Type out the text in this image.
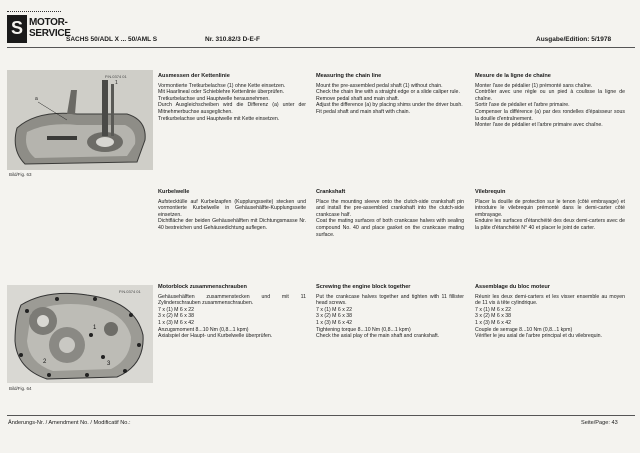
S MOTOR-
SERVICE
SACHS 50/ADL X ... 50/AML S	Nr. 310.82/3 D-E-F	Ausgabe/Edition: 5/1978
1
a
P.N.0374 01
Bild/Fig. 63
1
2	3
P.N.0374 01
Bild/Fig. 64
Ausmessen der Kettenlinie

Vormontierte Tretkurbelachse (1) ohne Kette einsetzen.

Mit Haarlineal oder Schieblehre Kettenlinie überprüfen.

Tretkurbelachse und Hauptwelle herausnehmen.

Durch Ausgleichscheiben wird die Differenz (a) unter der Mitnehmerbuchse ausgeglichen.

Tretkurbelachse und Hauptwelle mit Kette einsetzen.

Measuring the chain line

Mount the pre-assembled pedal shaft (1) without chain.

Check the chain line with a straight edge or a slide caliper rule.

Remove pedal shaft and main shaft.

Adjust the difference (a) by placing shims under the driver bush.

Fit pedal shaft and main shaft with chain.

Mesure de la ligne de chaîne

Monter l'axe de pédalier (1) prémonté sans chaîne.

Contrôler avec une règle ou un pied à coulisse la ligne de chaîne.

Sortir l'axe de pédalier et l'arbre primaire.

Compenser la différence (a) par des rondelles d'épaisseur sous la douille d'entraînement.

Monter l'axe de pédalier et l'arbre primaire avec chaîne.

Kurbelwelle

Aufstecktülle auf Kurbelzapfen (Kupplungsseite) stecken und vormontierte Kurbelwelle in Gehäusehälfte-Kupplungsseite einsetzen.

Dichtfläche der beiden Gehäusehälften mit Dichtungsmasse Nr. 40 bestreichen und Gehäusedichtung auflegen.

Crankshaft

Place the mounting sleeve onto the clutch-side crankshaft pin and install the pre-assembled crankshaft into the clutch-side crankcase half.

Coat the mating surfaces of both crankcase halves with sealing compound No. 40 and place gasket on the crankcase mating surface.

Vilebrequin

Placer la douille de protection sur le tenon (côté embrayage) et introduire le vilebrequin prémonté dans le demi-carter côté embrayage.

Enduire les surfaces d'étanchéité des deux demi-carters avec de la pâte d'étanchéité N° 40 et placer le joint de carter.

Motorblock zusammenschrauben

Gehäusehälften zusammenstecken und mit 11 Zylinderschrauben zusammenschrauben.

7 x (1) M 6 x 22

3 x (2) M 6 x 38

1 x (3) M 6 x 42

Anzugsmoment 8...10 Nm (0,8...1 kpm)

Axialspiel der Haupt- und Kurbelwelle überprüfen.

Screwing the engine block together

Put the crankcase halves together and tighten with 11 fillister head screws.

7 x (1) M 6 x 22

3 x (2) M 6 x 38

1 x (3) M 6 x 42

Tightening torque 8...10 Nm (0,8...1 kpm)

Check the axial play of the main shaft and crankshaft.

Assemblage du bloc moteur

Réunir les deux demi-carters et les visser ensemble au moyen de 11 vis à tête cylindrique.

7 x (1) M 6 x 22

3 x (2) M 6 x 38

1 x (3) M 6 x 42

Couple de serrage 8...10 Nm (0,8...1 kpm)

Vérifier le jeu axial de l'arbre principal et du vilebrequin.

Änderungs-Nr. / Amendment No. / Modificatif No.:	Seite/Page: 43
